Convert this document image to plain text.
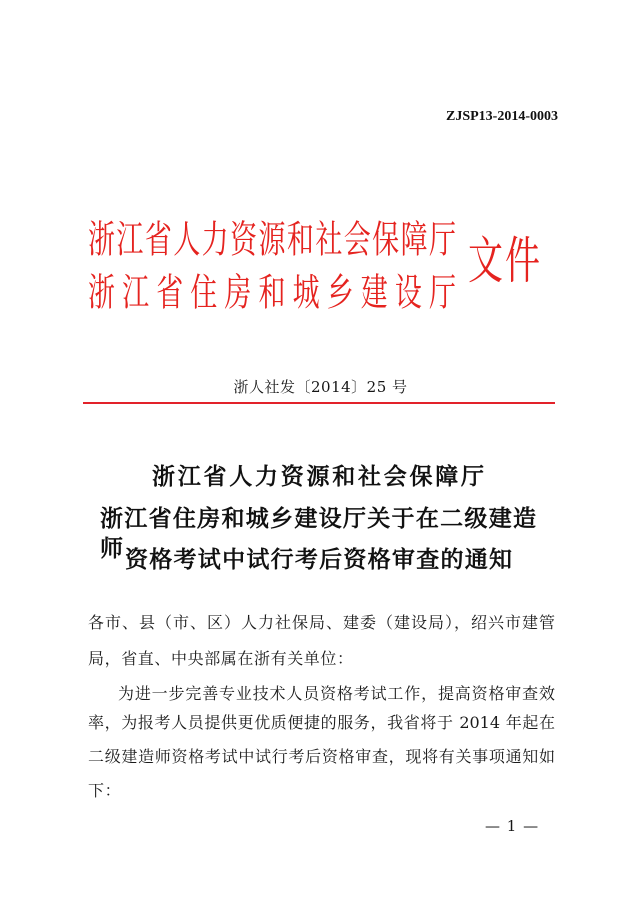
ZJSP13-2014-0003
浙江省人力资源和社会保障厅
浙江省住房和城乡建设厅
文件
浙人社发〔2014〕25 号
浙江省人力资源和社会保障厅
浙江省住房和城乡建设厅关于在二级建造师 资格考试中试行考后资格审查的通知
各市、县（市、区）人力社保局、建委（建设局），绍兴市建管
局，省直、中央部属在浙有关单位：
为进一步完善专业技术人员资格考试工作，提高资格审查效
率，为报考人员提供更优质便捷的服务，我省将于 2014 年起在
二级建造师资格考试中试行考后资格审查，现将有关事项通知如
下：
— 1 —
